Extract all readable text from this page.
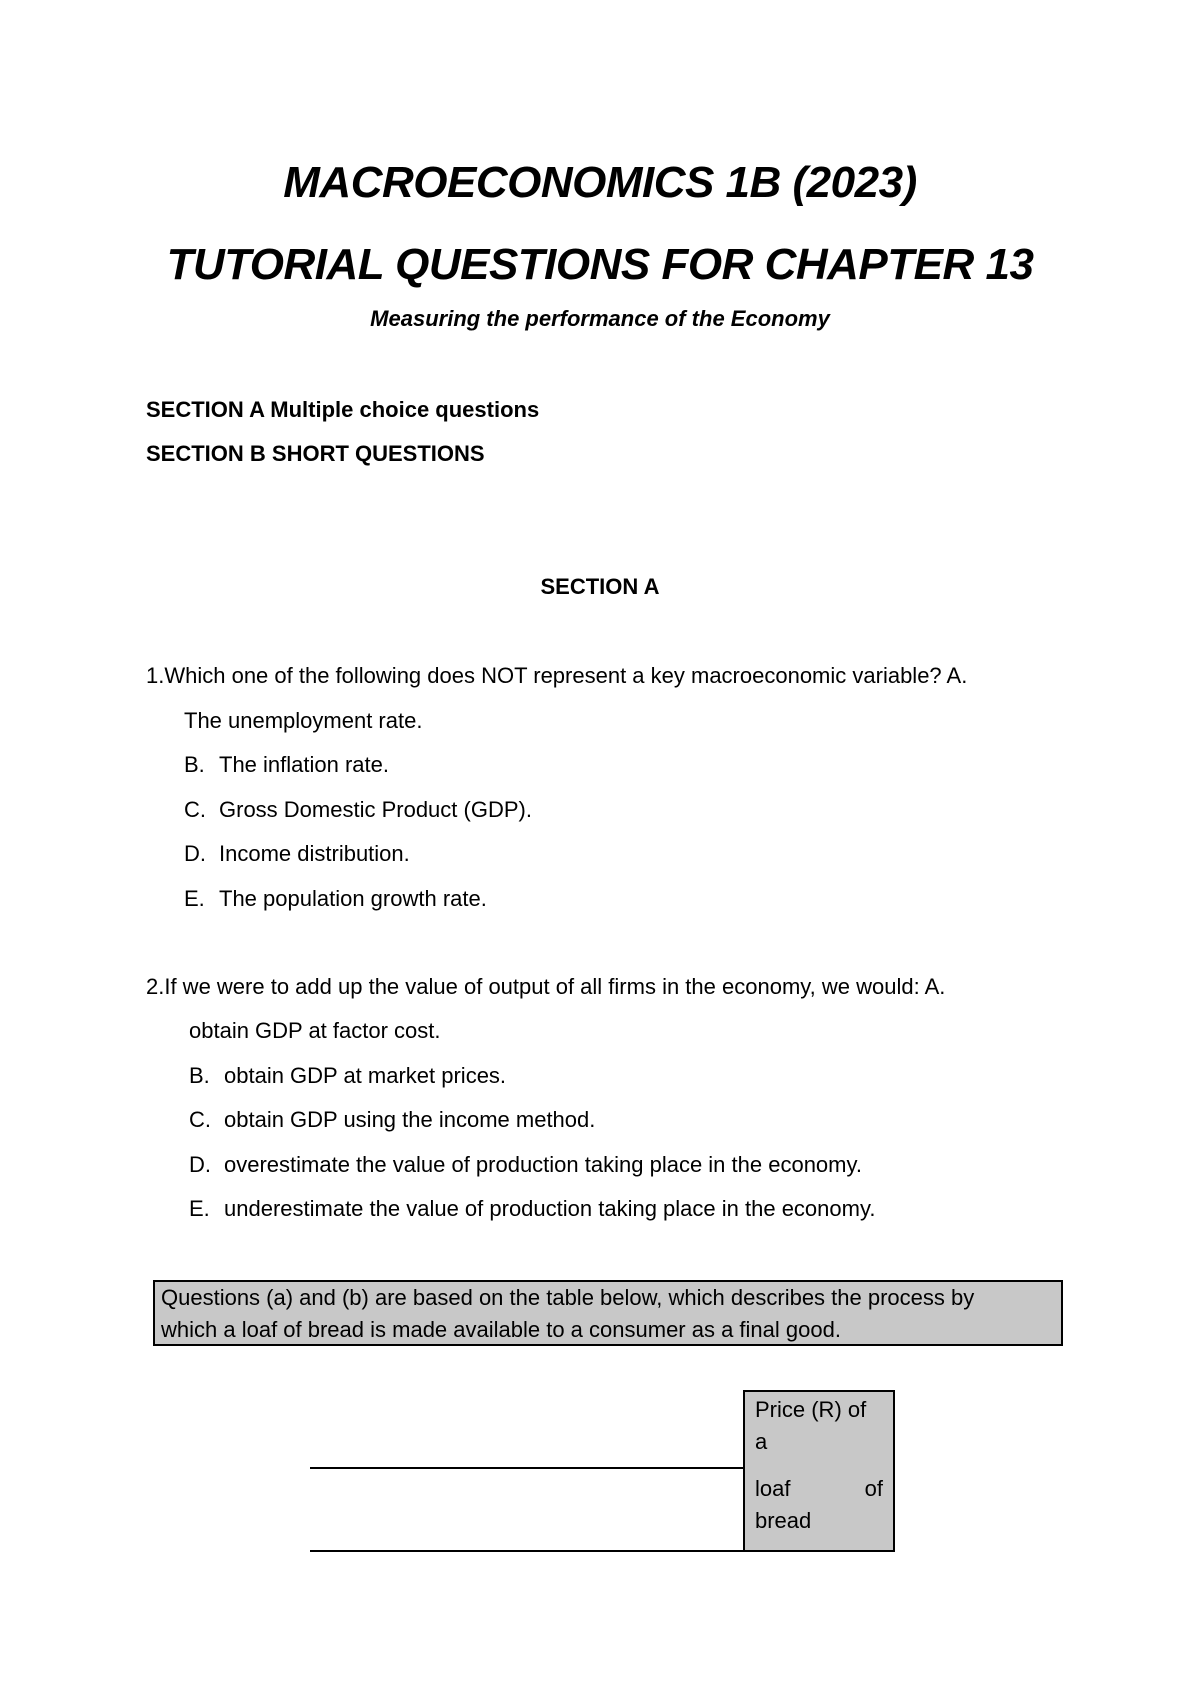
MACROECONOMICS 1B (2023)
TUTORIAL QUESTIONS FOR CHAPTER 13
Measuring the performance of the Economy
SECTION A Multiple choice questions
SECTION B SHORT QUESTIONS
SECTION A
1.Which one of the following does NOT represent a key macroeconomic variable? A.
The unemployment rate.
B. The inflation rate.
C. Gross Domestic Product (GDP).
D. Income distribution.
E. The population growth rate.
2.If we were to add up the value of output of all firms in the economy, we would: A.
obtain GDP at factor cost.
B. obtain GDP at market prices.
C. obtain GDP using the income method.
D. overestimate the value of production taking place in the economy.
E. underestimate the value of production taking place in the economy.
Questions (a) and (b) are based on the table below, which describes the process by
which a loaf of bread is made available to a consumer as a final good.
Price (R) of
a
loaf	of
bread
